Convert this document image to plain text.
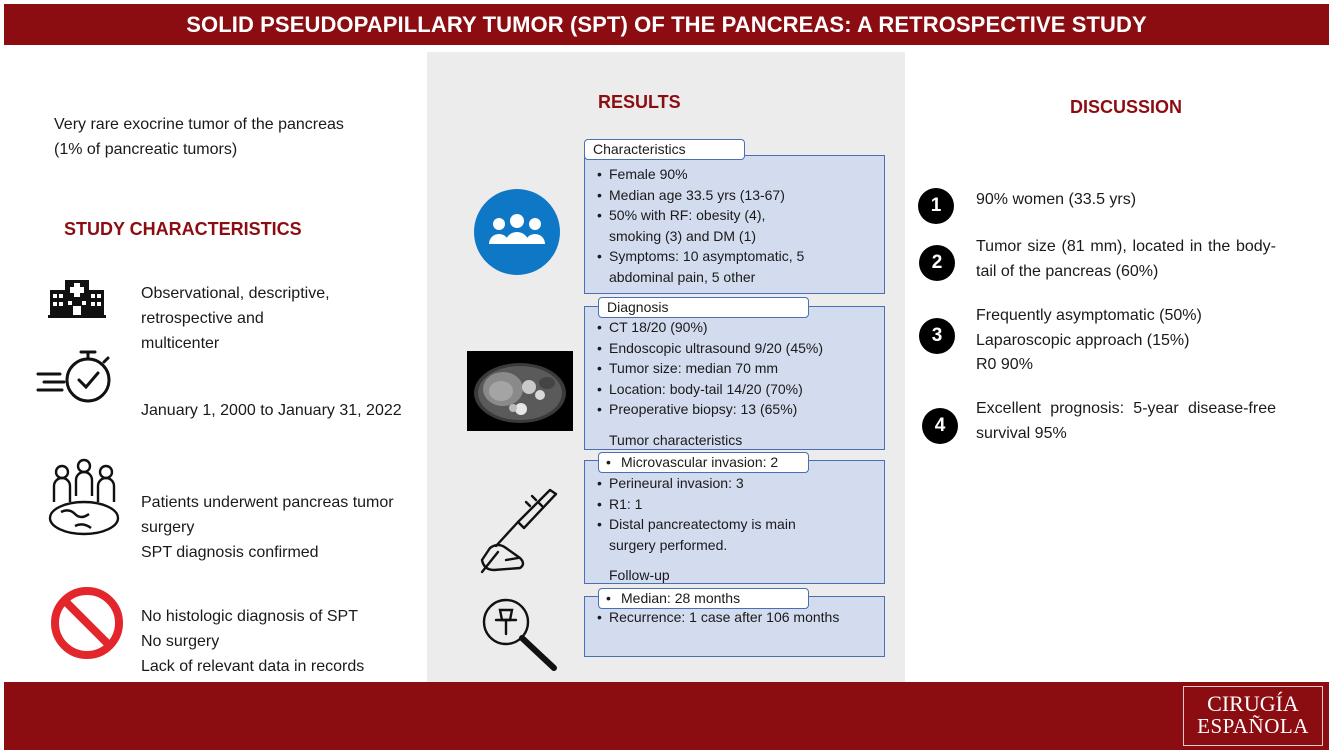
SOLID PSEUDOPAPILLARY TUMOR (SPT) OF THE PANCREAS: A RETROSPECTIVE STUDY
Very rare exocrine tumor of the pancreas
(1% of pancreatic tumors)
STUDY CHARACTERISTICS
Observational, descriptive,
retrospective and
multicenter
January 1, 2000 to January 31, 2022
Patients underwent pancreas tumor
surgery
SPT diagnosis confirmed
No histologic diagnosis of SPT
No surgery
Lack of relevant data in records
RESULTS
• Female 90%
• Median age 33.5 yrs (13-67)
• 50% with RF: obesity (4),
smoking (3) and DM (1)
• Symptoms: 10 asymptomatic, 5
abdominal pain, 5 other
Characteristics
• CT 18/20 (90%)
• Endoscopic ultrasound 9/20 (45%)
• Tumor size: median 70 mm
• Location: body-tail 14/20 (70%)
• Preoperative biopsy: 13 (65%)
Tumor characteristics
Diagnosis
• Perineural invasion: 3
• R1: 1
• Distal pancreatectomy is main
surgery performed.
Follow-up
• Microvascular invasion: 2
• Recurrence: 1 case after 106 months
• Median: 28 months
DISCUSSION
1	90% women (33.5 yrs)
2
Tumor size (81 mm), located in the body-tail of the pancreas (60%)
3
Frequently asymptomatic (50%)
Laparoscopic approach (15%)
R0 90%
4
Excellent prognosis: 5-year disease-free survival 95%
CIRUGÍA
ESPAÑOLA
